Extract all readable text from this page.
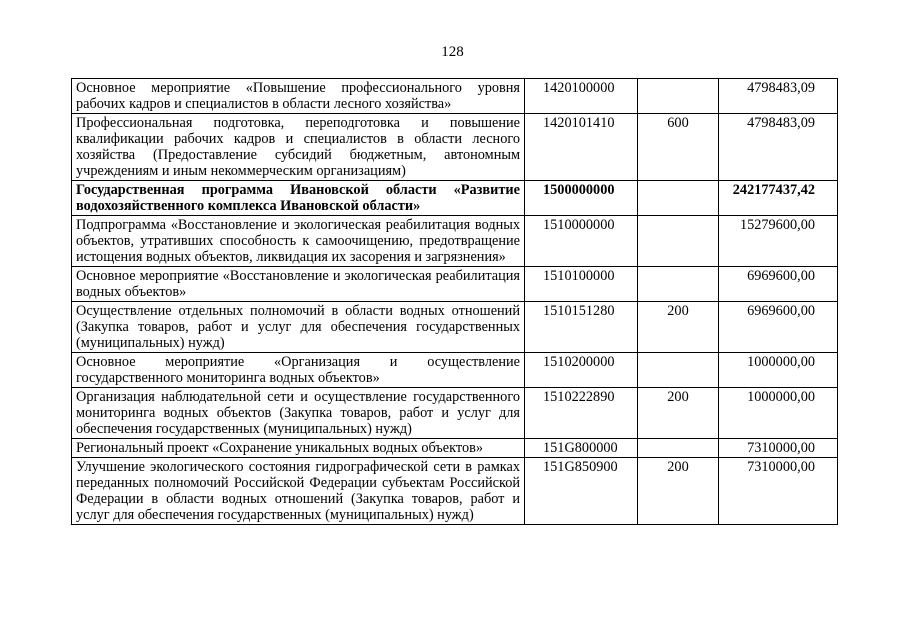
128
Основное мероприятие «Повышение профессионального уровня рабочих кадров и специалистов в области лесного хозяйства»	1420100000		4798483,09
Профессиональная подготовка, переподготовка и повышение квалификации рабочих кадров и специалистов в области лесного хозяйства (Предоставление субсидий бюджетным, автономным учреждениям и иным некоммерческим организациям)	1420101410	600	4798483,09
Государственная программа Ивановской области «Развитие водохозяйственного комплекса Ивановской области»	1500000000		242177437,42
Подпрограмма «Восстановление и экологическая реабилитация водных объектов, утративших способность к самоочищению, предотвращение истощения водных объектов, ликвидация их засорения и загрязнения»	1510000000		15279600,00
Основное мероприятие «Восстановление и экологическая реабилитация водных объектов»	1510100000		6969600,00
Осуществление отдельных полномочий в области водных отношений (Закупка товаров, работ и услуг для обеспечения государственных (муниципальных) нужд)	1510151280	200	6969600,00
Основное мероприятие «Организация и осуществление государственного мониторинга водных объектов»	1510200000		1000000,00
Организация наблюдательной сети и осуществление государственного мониторинга водных объектов (Закупка товаров, работ и услуг для обеспечения государственных (муниципальных) нужд)	1510222890	200	1000000,00
Региональный проект «Сохранение уникальных водных объектов»	151G800000		7310000,00
Улучшение экологического состояния гидрографической сети в рамках переданных полномочий Российской Федерации субъектам Российской Федерации в области водных отношений (Закупка товаров, работ и услуг для обеспечения государственных (муниципальных) нужд)	151G850900	200	7310000,00
